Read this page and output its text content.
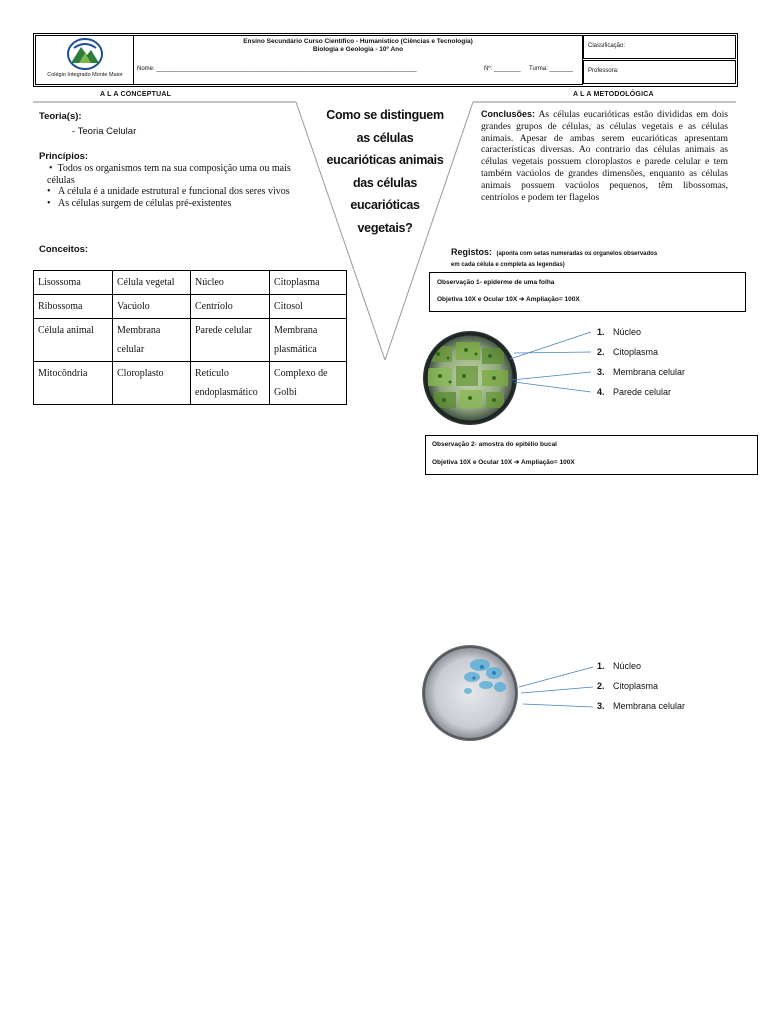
Colégio Integrado Monte Maior
Ensino Secundário Curso Científico - Humanístico (Ciências e Tecnologia)
Biologia e Geologia - 10º Ano
Nome: ______________________________________________________________________________	Nº: ________ Turma: _______
Classificação:
Professora:
A L A CONCEPTUAL	A L A METODOLÓGICA
Teoria(s):
- Teoria Celular
Princípios:
•  Todos os organismos tem na sua composição uma ou mais células
•   A célula é a unidade estrutural e funcional dos seres vivos
•   As células surgem de células pré-existentes
Conceitos:
Lisossoma	Célula vegetal	Núcleo	Citoplasma
Ribossoma	Vacúolo	Centríolo	Citosol
Célula animal	Membrana celular	Parede celular	Membrana plasmática
Mitocôndria	Cloroplasto	Retículo endoplasmático	Complexo de Golbi
Como se distinguem
as células
eucarióticas animais
das células
eucarióticas
vegetais?
Conclusões: As células eucarióticas estão divididas em dois grandes grupos de células, as células vegetais e as células animais. Apesar de ambas serem eucarióticas apresentam características diversas. Ao contrario das células animais as células vegetais possuem cloroplastos e parede celular e tem também vacúolos de grandes dimensões, enquanto as células animais possuem vacúolos pequenos, têm libossomas, centríolos e podem ter flagelos
Registos: (aponta com setas numeradas os organelos observados
em cada célula e completa as legendas)
Observação 1- epiderme de uma folha
Objetiva 10X e Ocular 10X ➔ Ampliação= 100X
1. Núcleo
2. Citoplasma
3. Membrana celular
4. Parede celular
Observação 2- amostra do epitélio bucal
Objetiva 10X e Ocular 10X ➔ Ampliação= 100X
1. Núcleo
2. Citoplasma
3. Membrana celular
